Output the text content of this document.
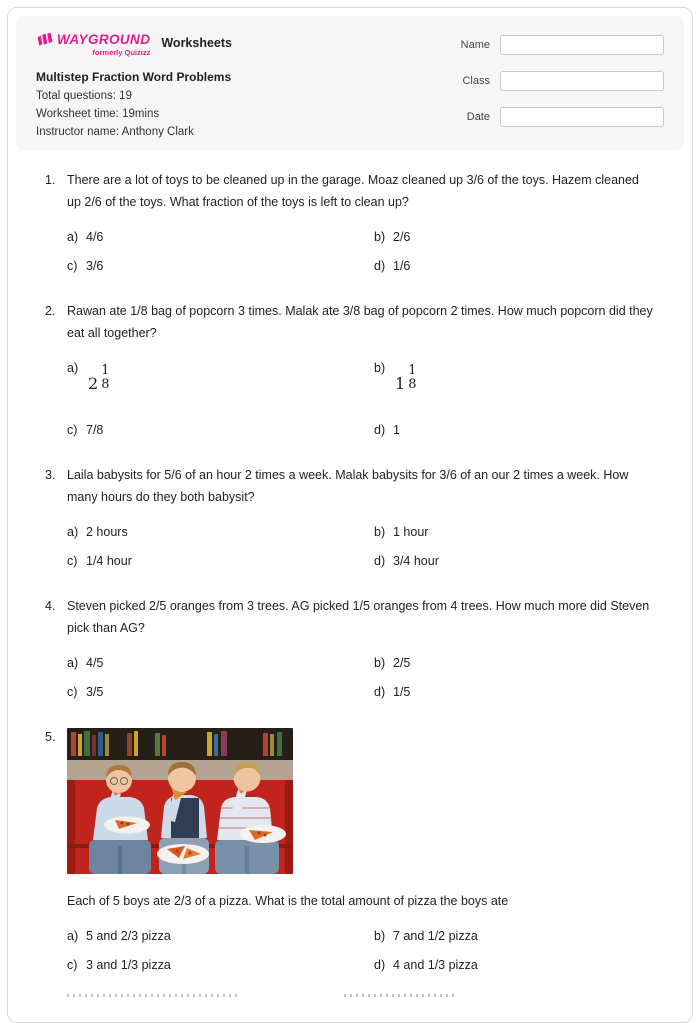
WAYGROUND
formerly Quizizz
Worksheets
Multistep Fraction Word Problems
Total questions: 19
Worksheet time: 19mins
Instructor name: Anthony Clark
Name
Class
Date
1. There are a lot of toys to be cleaned up in the garage. Moaz cleaned up 3/6 of the toys. Hazem cleaned up 2/6 of the toys. What fraction of the toys is left to clean up?
a) 4/6	b) 2/6
c) 3/6	d) 1/6
2. Rawan ate 1/8 bag of popcorn 3 times. Malak ate 3/8 bag of popcorn 2 times. How much popcorn did they eat all together?
a)
2
1
8
b)
1
1
8
c) 7/8	d) 1
3. Laila babysits for 5/6 of an hour 2 times a week. Malak babysits for 3/6 of an our 2 times a week. How many hours do they both babysit?
a) 2 hours	b) 1 hour
c) 1/4 hour	d) 3/4 hour
4. Steven picked 2/5 oranges from 3 trees. AG picked 1/5 oranges from 4 trees. How much more did Steven pick than AG?
a) 4/5	b) 2/5
c) 3/5	d) 1/5
5.
Each of 5 boys ate 2/3 of a pizza. What is the total amount of pizza the boys ate
a) 5 and 2/3 pizza	b) 7 and 1/2 pizza
c) 3 and 1/3 pizza	d) 4 and 1/3 pizza
